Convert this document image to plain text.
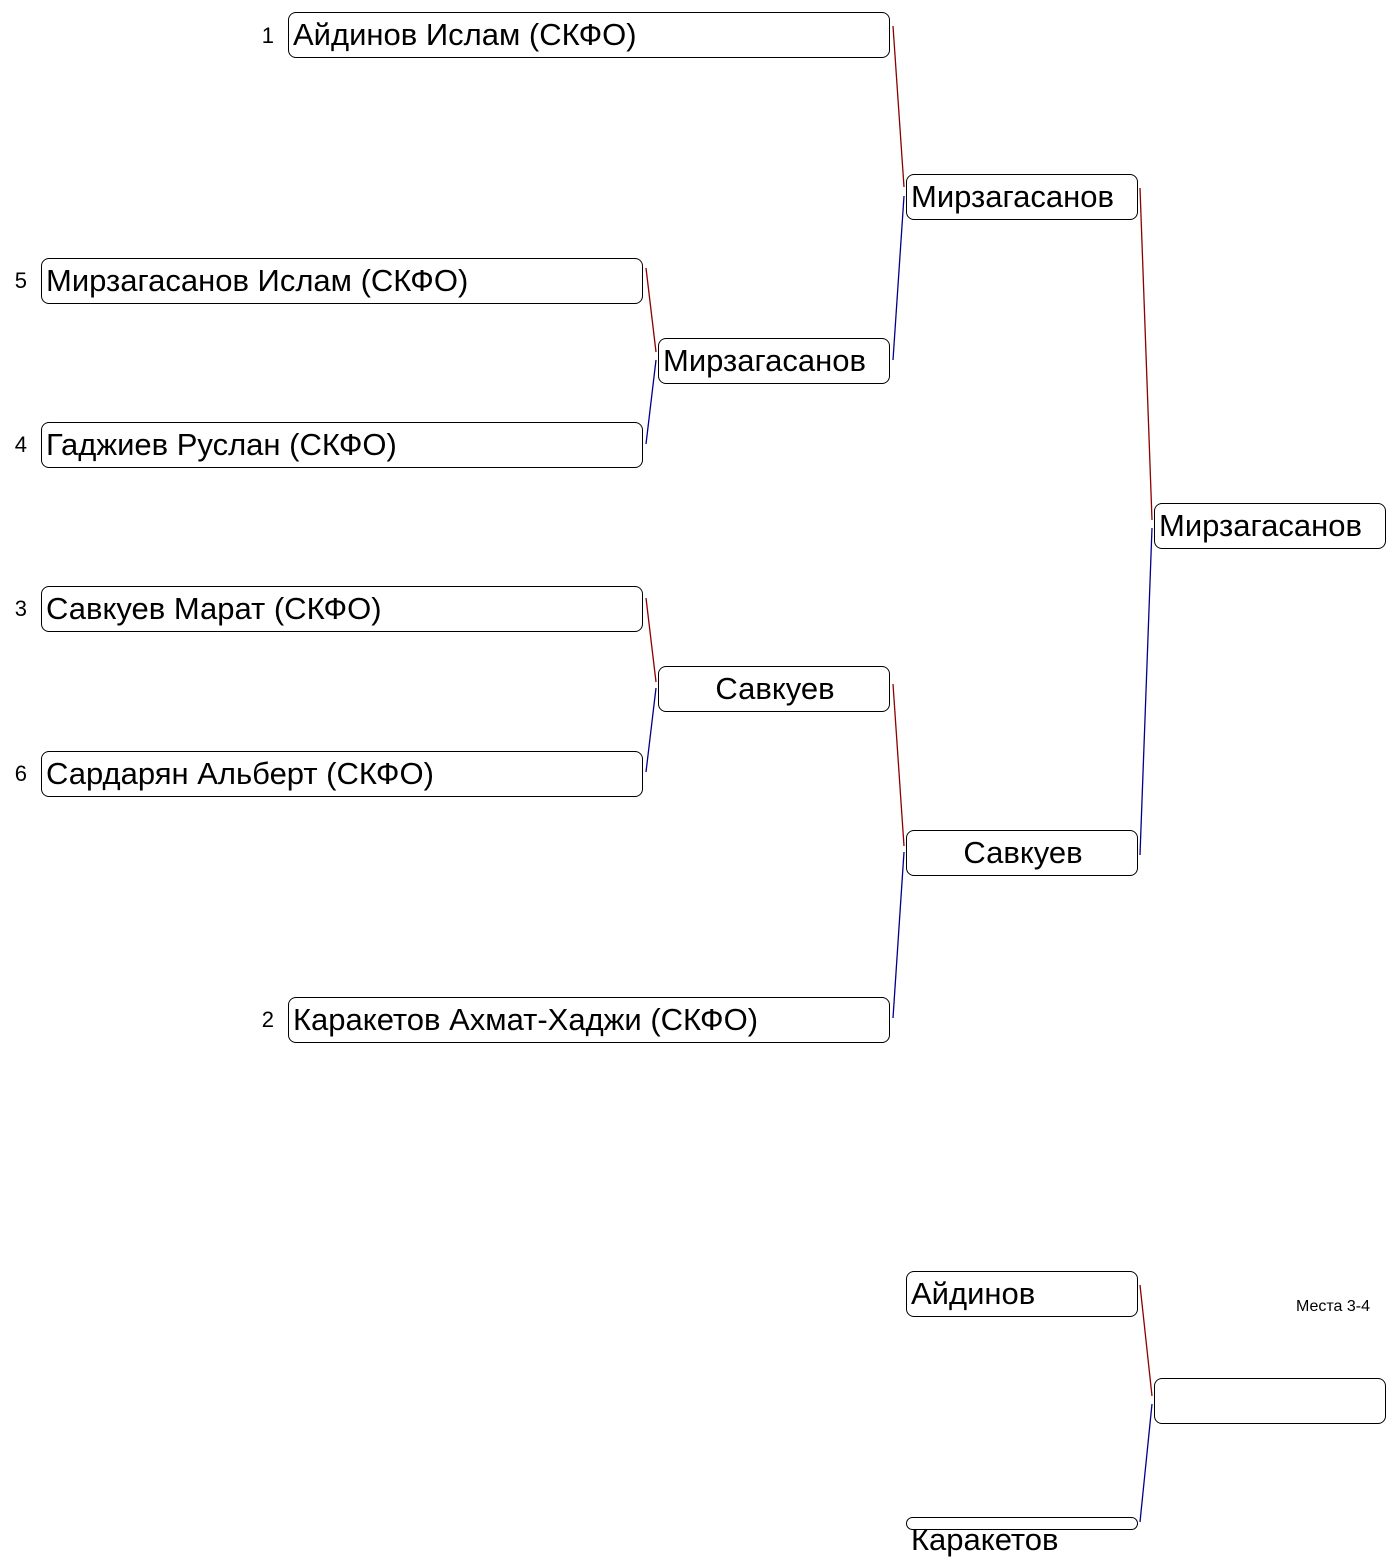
1
5
4
3
6
2
Айдинов Ислам (СКФО)
Мирзагасанов Ислам (СКФО)
Гаджиев Руслан (СКФО)
Савкуев Марат (СКФО)
Сардарян Альберт (СКФО)
Каракетов Ахмат-Хаджи (СКФО)
Мирзагасанов
Савкуев
Мирзагасанов
Савкуев
Мирзагасанов
Айдинов	Места 3-4
Каракетов
